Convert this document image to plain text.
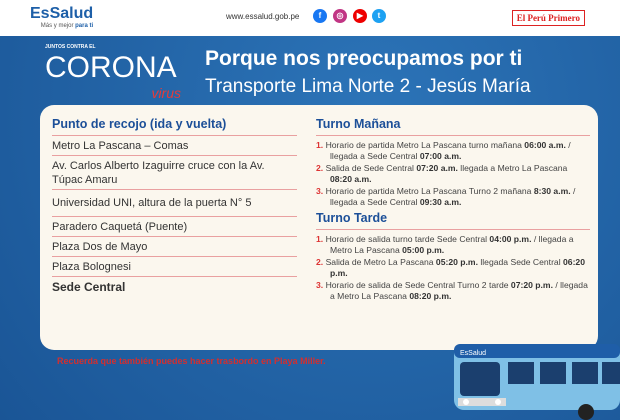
EsSalud
Más y mejor para ti
www.essalud.gob.pe	f	◎	▶	t	El Perú Primero
JUNTOS CONTRA EL
CORONA
virus
Porque nos preocupamos por ti
Transporte Lima Norte 2 - Jesús María
Punto de recojo (ida y vuelta)
Metro La Pascana – Comas
Av. Carlos Alberto Izaguirre cruce con la Av. Túpac Amaru
Universidad UNI, altura de la puerta N° 5
Paradero Caquetá (Puente)
Plaza Dos de Mayo
Plaza Bolognesi
Sede Central
Turno Mañana
1. Horario de partida Metro La Pascana turno mañana 06:00 a.m. / llegada a Sede Central 07:00 a.m.
2. Salida de Sede Central 07:20 a.m. llegada a Metro La Pascana 08:20 a.m.
3. Horario de partida Metro La Pascana Turno 2 mañana 8:30 a.m. / llegada a Sede Central 09:30 a.m.
Turno Tarde
1. Horario de salida turno tarde Sede Central 04:00 p.m. / llegada a Metro La Pascana 05:00 p.m.
2. Salida de Metro La Pascana 05:20 p.m. llegada Sede Central 06:20 p.m.
3. Horario de salida de Sede Central Turno 2 tarde 07:20 p.m. / llegada a Metro La Pascana 08:20 p.m.
Recuerda que también puedes hacer trasbordo en Playa Miller.
EsSalud
